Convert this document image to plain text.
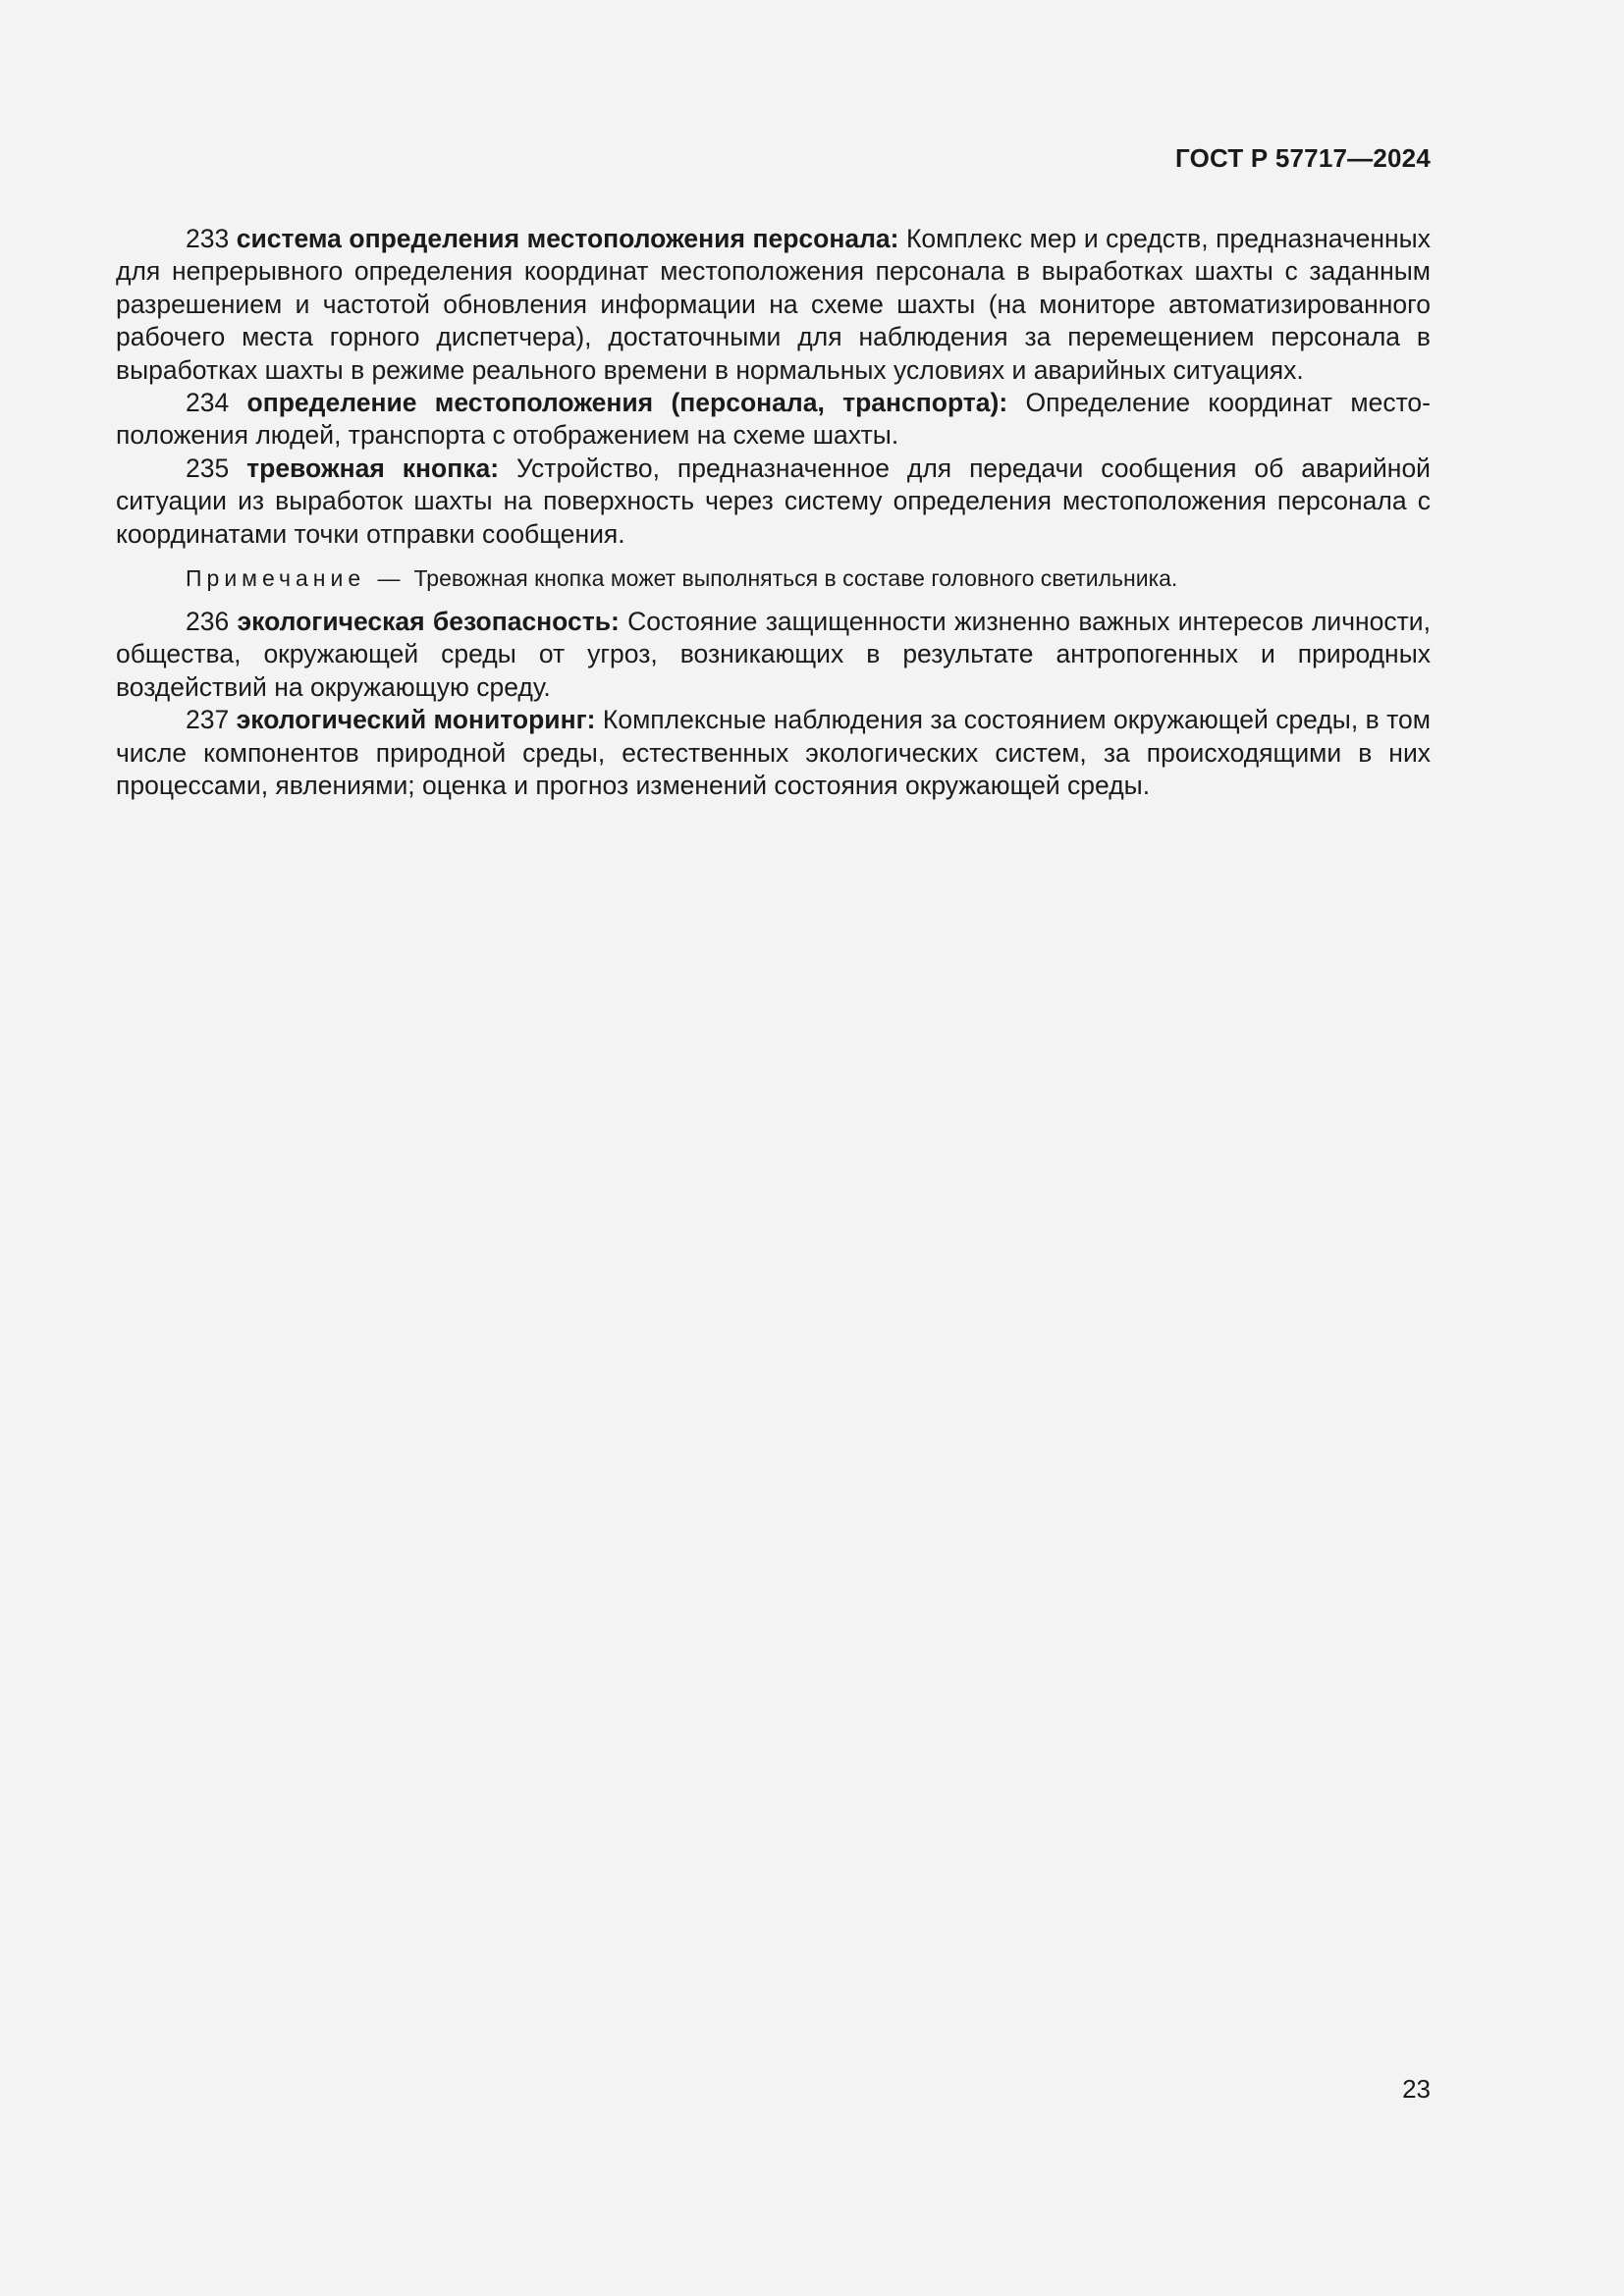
ГОСТ Р 57717—2024

233 система определения местоположения персонала: Комплекс мер и средств, предназначенных для непрерывного определения координат местоположения персонала в выработках шахты с заданным разрешением и частотой обновления информации на схеме шахты (на мониторе автоматизированного рабочего места горного диспетчера), достаточными для наблюдения за перемещением персонала в выработках шахты в режиме реального времени в нормальных условиях и аварийных ситуациях.

234 определение местоположения (персонала, транспорта): Определение координат местоположения людей, транспорта с отображением на схеме шахты.

235 тревожная кнопка: Устройство, предназначенное для передачи сообщения об аварийной ситуации из выработок шахты на поверхность через систему определения местоположения персонала с координатами точки отправки сообщения.

Примечание — Тревожная кнопка может выполняться в составе головного светильника.

236 экологическая безопасность: Состояние защищенности жизненно важных интересов личности, общества, окружающей среды от угроз, возникающих в результате антропогенных и природных воздействий на окружающую среду.

237 экологический мониторинг: Комплексные наблюдения за состоянием окружающей среды, в том числе компонентов природной среды, естественных экологических систем, за происходящими в них процессами, явлениями; оценка и прогноз изменений состояния окружающей среды.

23
